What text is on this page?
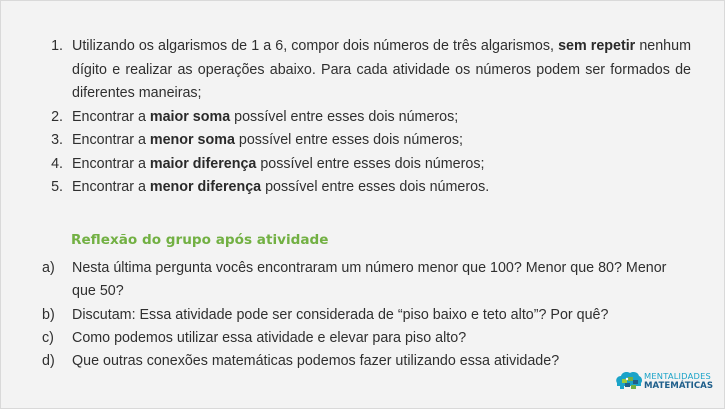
1. Utilizando os algarismos de 1 a 6, compor dois números de três algarismos, sem repetir nenhum dígito e realizar as operações abaixo. Para cada atividade os números podem ser formados de diferentes maneiras;
2. Encontrar a maior soma possível entre esses dois números;
3. Encontrar a menor soma possível entre esses dois números;
4. Encontrar a maior diferença possível entre esses dois números;
5. Encontrar a menor diferença possível entre esses dois números.
Reflexão do grupo após atividade
a) Nesta última pergunta vocês encontraram um número menor que 100? Menor que 80? Menor que 50?
b) Discutam: Essa atividade pode ser considerada de “piso baixo e teto alto”? Por quê?
c) Como podemos utilizar essa atividade e elevar para piso alto?
d) Que outras conexões matemáticas podemos fazer utilizando essa atividade?
MENTALIDADES
MATEMÁTICAS
